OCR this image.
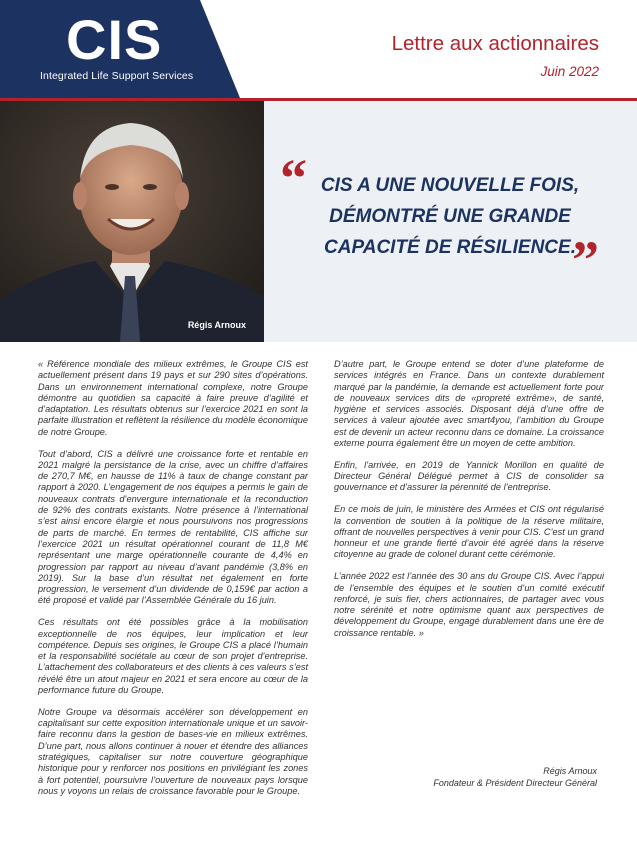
CIS
Integrated Life Support Services
Lettre aux actionnaires
Juin 2022
Régis Arnoux
“ CIS A UNE NOUVELLE FOIS, DÉMONTRÉ UNE GRANDE CAPACITÉ DE RÉSILIENCE.
”

« Référence mondiale des milieux extrêmes, le Groupe CIS est actuellement présent dans 19 pays et sur 290 sites d’opérations. Dans un environnement international complexe, notre Groupe démontre au quotidien sa capacité à faire preuve d’agilité et d’adaptation. Les résultats obtenus sur l’exercice 2021 en sont la parfaite illustration et reflètent la résilience du modèle économique de notre Groupe.

Tout d’abord, CIS a délivré une croissance forte et rentable en 2021 malgré la persistance de la crise, avec un chiffre d’affaires de 270,7 M€, en hausse de 11% à taux de change constant par rapport à 2020. L’engagement de nos équipes a permis le gain de nouveaux contrats d’envergure internationale et la reconduction de 92% des contrats existants. Notre présence à l’international s’est ainsi encore élargie et nous poursuivons nos progressions de parts de marché. En termes de rentabilité, CIS affiche sur l’exercice 2021 un résultat opérationnel courant de 11,8 M€ représentant une marge opérationnelle courante de 4,4% en progression par rapport au niveau d’avant pandémie (3,8% en 2019). Sur la base d’un résultat net également en forte progression, le versement d’un dividende de 0,159€ par action a été proposé et validé par l’Assemblée Générale du 16 juin.

Ces résultats ont été possibles grâce à la mobilisation exceptionnelle de nos équipes, leur implication et leur compétence. Depuis ses origines, le Groupe CIS a placé l’humain et la responsabilité sociétale au cœur de son projet d’entreprise. L’attachement des collaborateurs et des clients à ces valeurs s’est révélé être un atout majeur en 2021 et sera encore au cœur de la performance future du Groupe.

Notre Groupe va désormais accélérer son développement en capitalisant sur cette exposition internationale unique et un savoir-faire reconnu dans la gestion de bases-vie en milieux extrêmes. D’une part, nous allons continuer à nouer et étendre des alliances stratégiques, capitaliser sur notre couverture géographique historique pour y renforcer nos positions en privilégiant les zones à fort potentiel, poursuivre l’ouverture de nouveaux pays lorsque nous y voyons un relais de croissance favorable pour le Groupe.

D’autre part, le Groupe entend se doter d’une plateforme de services intégrés en France. Dans un contexte durablement marqué par la pandémie, la demande est actuellement forte pour de nouveaux services dits de «propreté extrême», de santé, hygiène et services associés. Disposant déjà d’une offre de services à valeur ajoutée avec smart4you, l’ambition du Groupe est de devenir un acteur reconnu dans ce domaine. La croissance externe pourra également être un moyen de cette ambition.

Enfin, l’arrivée, en 2019 de Yannick Morillon en qualité de Directeur Général Délégué permet à CIS de consolider sa gouvernance et d’assurer la pérennité de l’entreprise.

En ce mois de juin, le ministère des Armées et CIS ont régularisé la convention de soutien à la politique de la réserve militaire, offrant de nouvelles perspectives à venir pour CIS. C’est un grand honneur et une grande fierté d’avoir été agréé dans la réserve citoyenne au grade de colonel durant cette cérémonie.

L’année 2022 est l’année des 30 ans du Groupe CIS. Avec l’appui de l’ensemble des équipes et le soutien d’un comité exécutif renforcé, je suis fier, chers actionnaires, de partager avec vous notre sérénité et notre optimisme quant aux perspectives de développement du Groupe, engagé durablement dans une ère de croissance rentable. »

Régis Arnoux
Fondateur & Président Directeur Général
